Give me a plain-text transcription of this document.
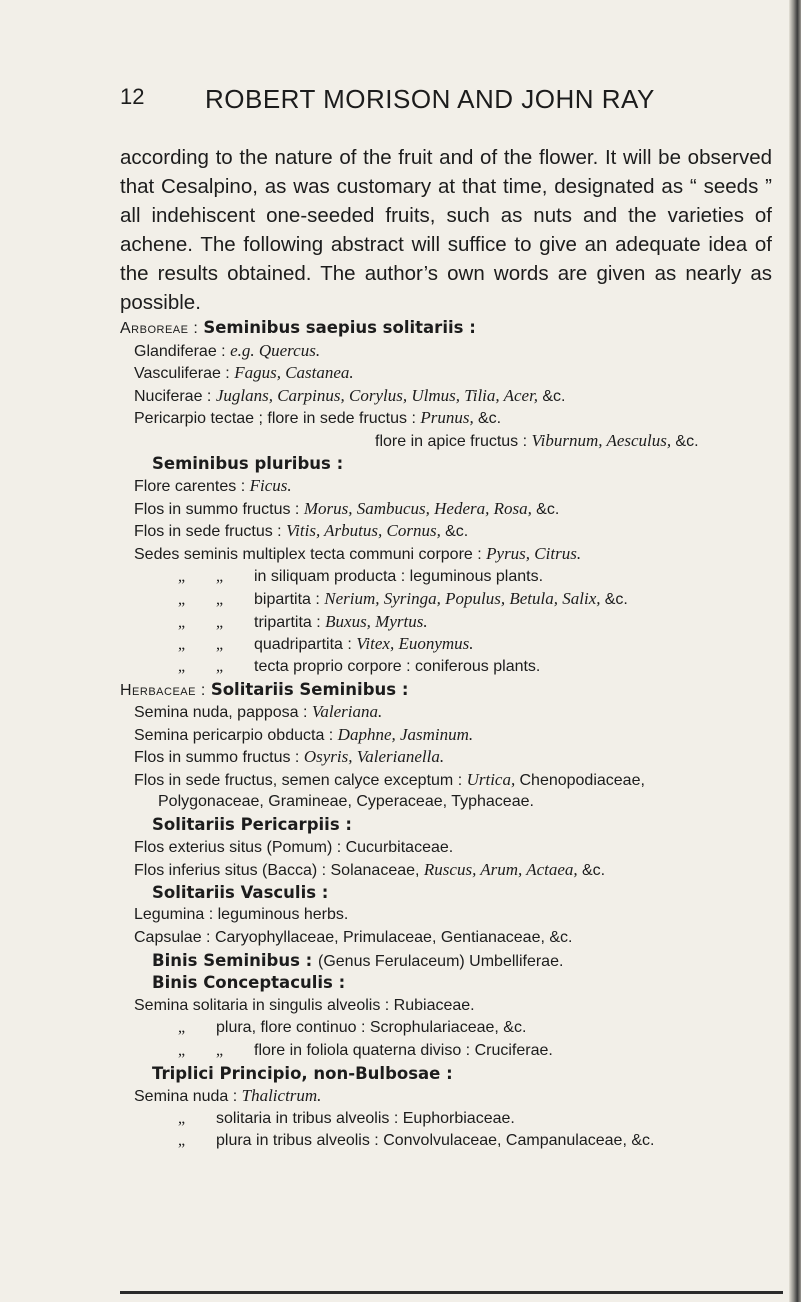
12 ROBERT MORISON AND JOHN RAY

according to the nature of the fruit and of the flower. It will be observed that Cesalpino, as was customary at that time, designated as “ seeds ” all indehiscent one-seeded fruits, such as nuts and the varieties of achene. The following abstract will suffice to give an adequate idea of the results obtained. The author’s own words are given as nearly as possible.

Arboreae : Seminibus saepius solitariis :
Glandiferae : e.g. Quercus.
Vasculiferae : Fagus, Castanea.
Nuciferae : Juglans, Carpinus, Corylus, Ulmus, Tilia, Acer, &c.
Pericarpio tectae ; flore in sede fructus : Prunus, &c.
flore in apice fructus : Viburnum, Aesculus, &c.
Seminibus pluribus :
Flore carentes : Ficus.
Flos in summo fructus : Morus, Sambucus, Hedera, Rosa, &c.
Flos in sede fructus : Vitis, Arbutus, Cornus, &c.
Sedes seminis multiplex tecta communi corpore : Pyrus, Citrus.
„ „ in siliquam producta : leguminous plants.
„ „ bipartita : Nerium, Syringa, Populus, Betula, Salix, &c.
„ „ tripartita : Buxus, Myrtus.
„ „ quadripartita : Vitex, Euonymus.
„ „ tecta proprio corpore : coniferous plants.
Herbaceae : Solitariis Seminibus :
Semina nuda, papposa : Valeriana.
Semina pericarpio obducta : Daphne, Jasminum.
Flos in summo fructus : Osyris, Valerianella.
Flos in sede fructus, semen calyce exceptum : Urtica, Chenopodiaceae,
Polygonaceae, Gramineae, Cyperaceae, Typhaceae.
Solitariis Pericarpiis :
Flos exterius situs (Pomum) : Cucurbitaceae.
Flos inferius situs (Bacca) : Solanaceae, Ruscus, Arum, Actaea, &c.
Solitariis Vasculis :
Legumina : leguminous herbs.
Capsulae : Caryophyllaceae, Primulaceae, Gentianaceae, &c.
Binis Seminibus : (Genus Ferulaceum) Umbelliferae.
Binis Conceptaculis :
Semina solitaria in singulis alveolis : Rubiaceae.
„ plura, flore continuo : Scrophulariaceae, &c.
„ „ flore in foliola quaterna diviso : Cruciferae.
Triplici Principio, non-Bulbosae :
Semina nuda : Thalictrum.
„ solitaria in tribus alveolis : Euphorbiaceae.
„ plura in tribus alveolis : Convolvulaceae, Campanulaceae, &c.
